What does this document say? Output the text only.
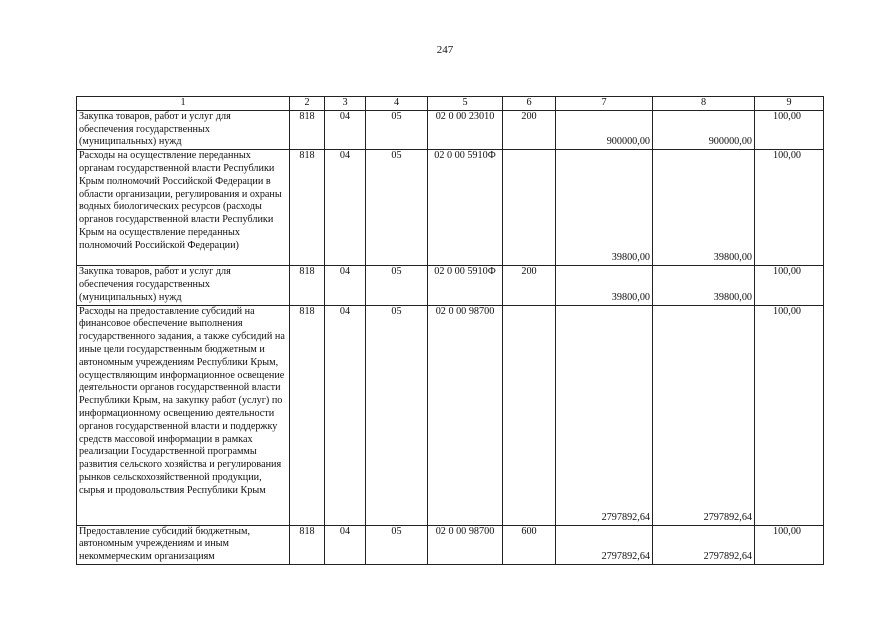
247
1	2	3	4	5	6	7	8	9
Закупка товаров, работ и услуг для обеспечения государственных (муниципальных) нужд	818	04	05	02 0 00 23010	200	900000,00	900000,00	100,00
Расходы на осуществление переданных органам государственной власти Республики Крым полномочий Российской Федерации в области организации, регулирования и охраны водных биологических ресурсов (расходы органов государственной власти Республики Крым на осуществление переданных полномочий Российской Федерации)	818	04	05	02 0 00 5910Ф		39800,00	39800,00	100,00
Закупка товаров, работ и услуг для обеспечения государственных (муниципальных) нужд	818	04	05	02 0 00 5910Ф	200	39800,00	39800,00	100,00
Расходы на предоставление субсидий на финансовое обеспечение выполнения государственного задания, а также субсидий на иные цели государственным бюджетным и автономным учреждениям Республики Крым, осуществляющим информационное освещение деятельности органов государственной власти Республики Крым, на закупку работ (услуг) по информационному освещению деятельности органов государственной власти и поддержку средств массовой информации в рамках реализации Государственной программы развития сельского хозяйства и регулирования рынков сельскохозяйственной продукции, сырья и продовольствия Республики Крым	818	04	05	02 0 00 98700		2797892,64	2797892,64	100,00
Предоставление субсидий бюджетным, автономным учреждениям и иным некоммерческим организациям	818	04	05	02 0 00 98700	600	2797892,64	2797892,64	100,00
